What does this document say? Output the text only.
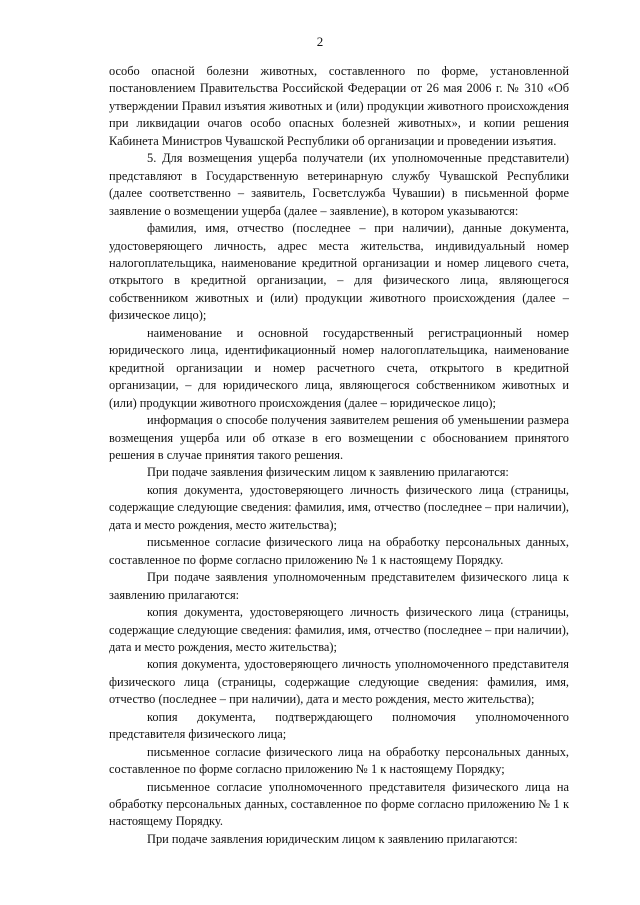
2

особо опасной болезни животных, составленного по форме, установленной постановлением Правительства Российской Федерации от 26 мая 2006 г. № 310 «Об утверждении Правил изъятия животных и (или) продукции животного происхождения при ликвидации очагов особо опасных болезней животных», и копии решения Кабинета Министров Чувашской Республики об организации и проведении изъятия.

5. Для возмещения ущерба получатели (их уполномоченные представители) представляют в Государственную ветеринарную службу Чувашской Республики (далее соответственно – заявитель, Госветслужба Чувашии) в письменной форме заявление о возмещении ущерба (далее – заявление), в котором указываются:

фамилия, имя, отчество (последнее – при наличии), данные документа, удостоверяющего личность, адрес места жительства, индивидуальный номер налогоплательщика, наименование кредитной организации и номер лицевого счета, открытого в кредитной организации, – для физического лица, являющегося собственником животных и (или) продукции животного происхождения (далее – физическое лицо);

наименование и основной государственный регистрационный номер юридического лица, идентификационный номер налогоплательщика, наименование кредитной организации и номер расчетного счета, открытого в кредитной организации, – для юридического лица, являющегося собственником животных и (или) продукции животного происхождения (далее – юридическое лицо);

информация о способе получения заявителем решения об уменьшении размера возмещения ущерба или об отказе в его возмещении с обоснованием принятого решения в случае принятия такого решения.

При подаче заявления физическим лицом к заявлению прилагаются:

копия документа, удостоверяющего личность физического лица (страницы, содержащие следующие сведения: фамилия, имя, отчество (последнее – при наличии), дата и место рождения, место жительства);

письменное согласие физического лица на обработку персональных данных, составленное по форме согласно приложению № 1 к настоящему Порядку.

При подаче заявления уполномоченным представителем физического лица к заявлению прилагаются:

копия документа, удостоверяющего личность физического лица (страницы, содержащие следующие сведения: фамилия, имя, отчество (последнее – при наличии), дата и место рождения, место жительства);

копия документа, удостоверяющего личность уполномоченного представителя физического лица (страницы, содержащие следующие сведения: фамилия, имя, отчество (последнее – при наличии), дата и место рождения, место жительства);

копия документа, подтверждающего полномочия уполномоченного представителя физического лица;

письменное согласие физического лица на обработку персональных данных, составленное по форме согласно приложению № 1 к настоящему Порядку;

письменное согласие уполномоченного представителя физического лица на обработку персональных данных, составленное по форме согласно приложению № 1 к настоящему Порядку.

При подаче заявления юридическим лицом к заявлению прилагаются:
